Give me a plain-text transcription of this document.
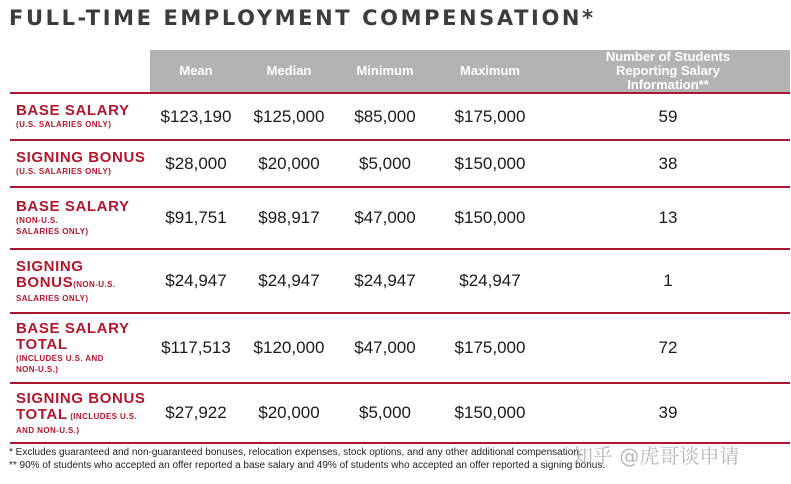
FULL-TIME EMPLOYMENT COMPENSATION*
	Mean	Median	Minimum	Maximum	Number of Students Reporting Salary Information**

BASE SALARY
(U.S. SALARIES ONLY)	$123,190	$125,000	$85,000	$175,000	59

SIGNING BONUS
(U.S. SALARIES ONLY)	$28,000	$20,000	$5,000	$150,000	38

BASE SALARY
(NON-U.S.
SALARIES ONLY)	$91,751	$98,917	$47,000	$150,000	13

SIGNING
BONUS(NON-U.S.
SALARIES ONLY)	$24,947	$24,947	$24,947	$24,947	1

BASE SALARY
TOTAL
(INCLUDES U.S. AND
NON-U.S.)	$117,513	$120,000	$47,000	$175,000	72

SIGNING BONUS
TOTAL (INCLUDES U.S.
AND NON-U.S.)	$27,922	$20,000	$5,000	$150,000	39
* Excludes guaranteed and non-guaranteed bonuses, relocation expenses, stock options, and any other additional compensation.
** 90% of students who accepted an offer reported a base salary and 49% of students who accepted an offer reported a signing bonus.
知乎 @虎哥谈申请
